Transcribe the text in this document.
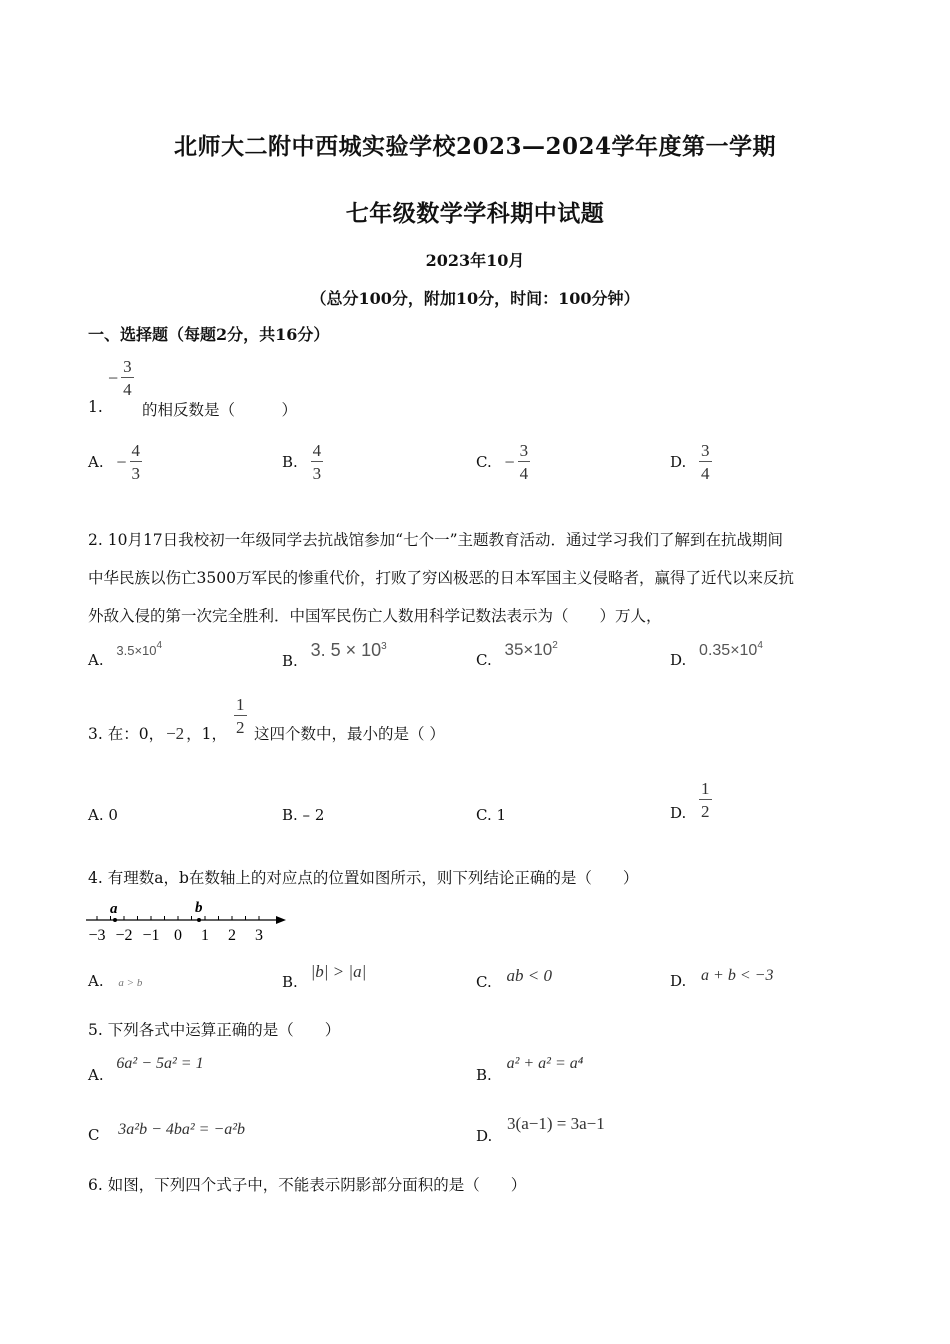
北师大二附中西城实验学校2023—2024学年度第一学期
七年级数学学科期中试题
2023年10月
（总分100分，附加10分，时间：100分钟）
一、选择题（每题2分，共16分）
− $\frac{3}{4}$
1.	的相反数是（　　　）
A. − $\frac{4}{3}$	B. $\frac{4}{3}$	C. − $\frac{3}{4}$	D. $\frac{3}{4}$
2. 10月17日我校初一年级同学去抗战馆参加“七个一”主题教育活动．通过学习我们了解到在抗战期间
中华民族以伤亡3500万军民的惨重代价，打败了穷凶极恶的日本军国主义侵略者，赢得了近代以来反抗
外敌入侵的第一次完全胜利．中国军民伤亡人数用科学记数法表示为（　　）万人，
A. $3.5\times 10^4$
B. 3. $5 \times 10^3$
C. $35\times 10^2$
D. $0.35\times 10^4$
3. 在：0， −2 ，1， $\frac{1}{2}$ 这四个数中，最小的是（ ）
A. 0	B. – 2	C. 1	D. $\frac{1}{2}$
4. 有理数a，b在数轴上的对应点的位置如图所示，则下列结论正确的是（　　）
−3 −2 −1 0 1 2 3
a	b
A. a > b	B. |b| > |a|
C. ab < 0	D. a + b < −3
5. 下列各式中运算正确的是（　　）
A. 6a² − 5a² = 1
B. a² + a² = a⁴
C 3a²b − 4ba² = −a²b	D. 3(a−1) = 3a−1
6. 如图，下列四个式子中，不能表示阴影部分面积的是（　　）
